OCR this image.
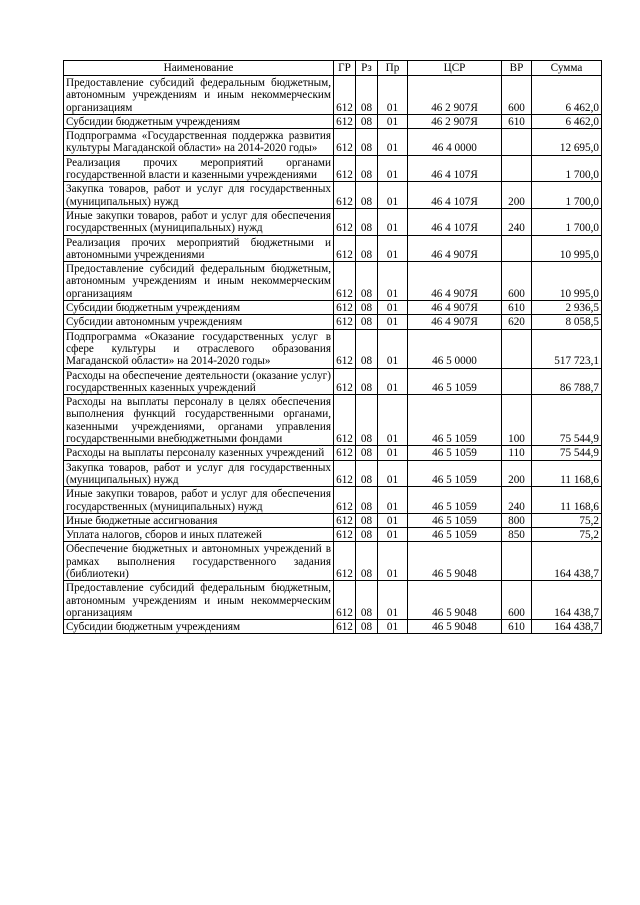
Наименование	ГР	Рз	Пр	ЦСР	ВР	Сумма
Предоставление субсидий федеральным бюджетным, автономным учреждениям и иным некоммерческим организациям	612	08	01	46 2 907Я	600	6 462,0
Субсидии бюджетным учреждениям	612	08	01	46 2 907Я	610	6 462,0
Подпрограмма «Государственная поддержка развития культуры Магаданской области» на 2014-2020 годы»	612	08	01	46 4 0000		12 695,0
Реализация прочих мероприятий органами государственной власти и казенными учреждениями	612	08	01	46 4 107Я		1 700,0
Закупка товаров, работ и услуг для государственных (муниципальных) нужд	612	08	01	46 4 107Я	200	1 700,0
Иные закупки товаров, работ и услуг для обеспечения государственных (муниципальных) нужд	612	08	01	46 4 107Я	240	1 700,0
Реализация прочих мероприятий бюджетными и автономными учреждениями	612	08	01	46 4 907Я		10 995,0
Предоставление субсидий федеральным бюджетным, автономным учреждениям и иным некоммерческим организациям	612	08	01	46 4 907Я	600	10 995,0
Субсидии бюджетным учреждениям	612	08	01	46 4 907Я	610	2 936,5
Субсидии автономным учреждениям	612	08	01	46 4 907Я	620	8 058,5
Подпрограмма «Оказание государственных услуг в сфере культуры и отраслевого образования Магаданской области» на 2014-2020 годы»	612	08	01	46 5 0000		517 723,1
Расходы на обеспечение деятельности (оказание услуг) государственных казенных учреждений	612	08	01	46 5 1059		86 788,7
Расходы на выплаты персоналу в целях обеспечения выполнения функций государственными органами, казенными учреждениями, органами управления государственными внебюджетными фондами	612	08	01	46 5 1059	100	75 544,9
Расходы на выплаты персоналу казенных учреждений	612	08	01	46 5 1059	110	75 544,9
Закупка товаров, работ и услуг для государственных (муниципальных) нужд	612	08	01	46 5 1059	200	11 168,6
Иные закупки товаров, работ и услуг для обеспечения государственных (муниципальных) нужд	612	08	01	46 5 1059	240	11 168,6
Иные бюджетные ассигнования	612	08	01	46 5 1059	800	75,2
Уплата налогов, сборов и иных платежей	612	08	01	46 5 1059	850	75,2
Обеспечение бюджетных и автономных учреждений в рамках выполнения государственного задания (библиотеки)	612	08	01	46 5 9048		164 438,7
Предоставление субсидий федеральным бюджетным, автономным учреждениям и иным некоммерческим организациям	612	08	01	46 5 9048	600	164 438,7
Субсидии бюджетным учреждениям	612	08	01	46 5 9048	610	164 438,7
